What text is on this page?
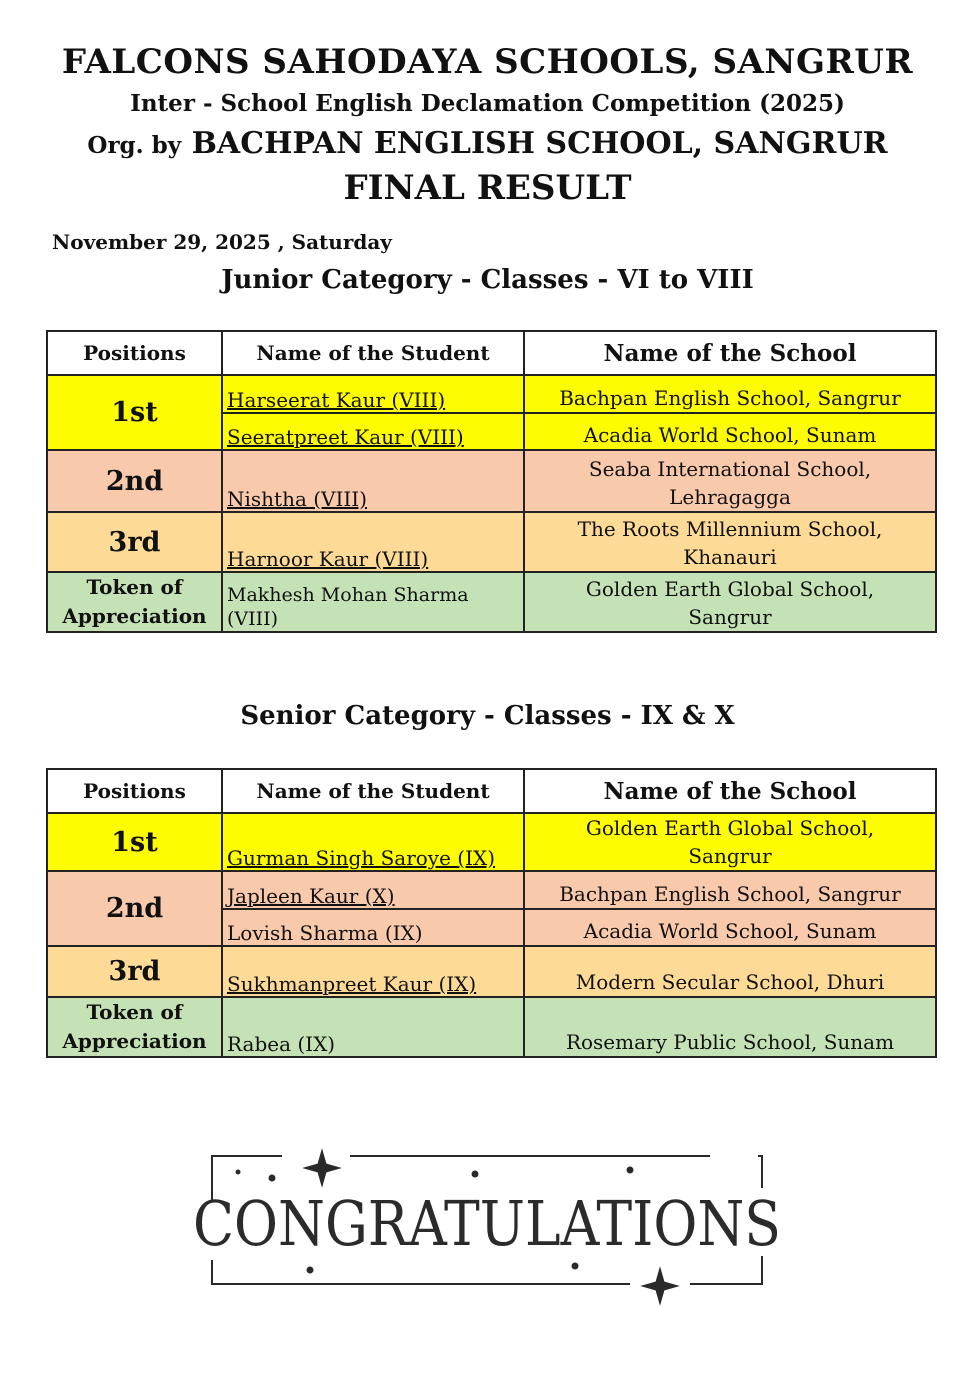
FALCONS SAHODAYA SCHOOLS, SANGRUR
Inter - School English Declamation Competition (2025)
Org. by BACHPAN ENGLISH SCHOOL, SANGRUR
FINAL RESULT
November 29, 2025 , Saturday
Junior Category - Classes - VI to VIII
Positions	Name of the Student	Name of the School
1st	Harseerat Kaur (VIII)	Bachpan English School, Sangrur
	Seeratpreet Kaur (VIII)	Acadia World School, Sunam
2nd	Nishtha (VIII)	Seaba International School,
Lehragagga
3rd	Harnoor Kaur (VIII)	The Roots Millennium School,
Khanauri
Token of
Appreciation	Makhesh Mohan Sharma (VIII)	Golden Earth Global School,
Sangrur
Senior Category - Classes - IX & X
Positions	Name of the Student	Name of the School
1st	Gurman Singh Saroye (IX)	Golden Earth Global School,
Sangrur
2nd	Japleen Kaur (X)	Bachpan English School, Sangrur
	Lovish Sharma (IX)	Acadia World School, Sunam
3rd	Sukhmanpreet Kaur (IX)	Modern Secular School, Dhuri
Token of
Appreciation	Rabea (IX)	Rosemary Public School, Sunam
CONGRATULATIONS
